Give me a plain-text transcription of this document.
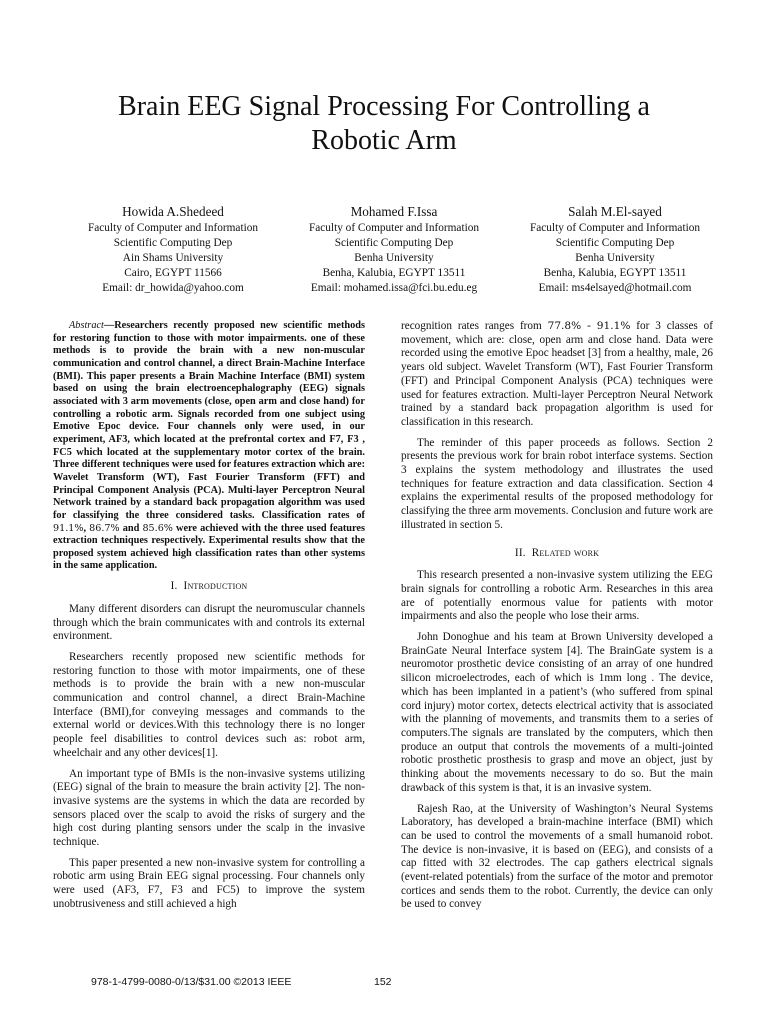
Brain EEG Signal Processing For Controlling a
Robotic Arm
Howida A.Shedeed
Faculty of Computer and Information
Scientific Computing Dep
Ain Shams University
Cairo, EGYPT 11566
Email: dr_howida@yahoo.com
Mohamed F.Issa
Faculty of Computer and Information
Scientific Computing Dep
Benha University
Benha, Kalubia, EGYPT 13511
Email: mohamed.issa@fci.bu.edu.eg
Salah M.El-sayed
Faculty of Computer and Information
Scientific Computing Dep
Benha University
Benha, Kalubia, EGYPT 13511
Email: ms4elsayed@hotmail.com

Abstract—Researchers recently proposed new scientific methods for restoring function to those with motor impairments. one of these methods is to provide the brain with a new non-muscular communication and control channel, a direct Brain-Machine Interface (BMI). This paper presents a Brain Machine Interface (BMI) system based on using the brain electroencephalography (EEG) signals associated with 3 arm movements (close, open arm and close hand) for controlling a robotic arm. Signals recorded from one subject using Emotive Epoc device. Four channels only were used, in our experiment, AF3, which located at the prefrontal cortex and F7, F3 , FC5 which located at the supplementary motor cortex of the brain. Three different techniques were used for features extraction which are: Wavelet Transform (WT), Fast Fourier Transform (FFT) and Principal Component Analysis (PCA). Multi-layer Perceptron Neural Network trained by a standard back propagation algorithm was used for classifying the three considered tasks. Classification rates of 91.1%, 86.7% and 85.6% were achieved with the three used features extraction techniques respectively. Experimental results show that the proposed system achieved high classification rates than other systems in the same application.

I. Introduction

Many different disorders can disrupt the neuromuscular channels through which the brain communicates with and controls its external environment.

Researchers recently proposed new scientific methods for restoring function to those with motor impairments, one of these methods is to provide the brain with a new non-muscular communication and control channel, a direct Brain-Machine Interface (BMI),for conveying messages and commands to the external world or devices.With this technology there is no longer people feel disabilities to control devices such as: robot arm, wheelchair and any other devices[1].

An important type of BMIs is the non-invasive systems utilizing (EEG) signal of the brain to measure the brain activity [2]. The non-invasive systems are the systems in which the data are recorded by sensors placed over the scalp to avoid the risks of surgery and the high cost during planting sensors under the scalp in the invasive technique.

This paper presented a new non-invasive system for controlling a robotic arm using Brain EEG signal processing. Four channels only were used (AF3, F7, F3 and FC5) to improve the system unobtrusiveness and still achieved a high

recognition rates ranges from 77.8% - 91.1% for 3 classes of movement, which are: close, open arm and close hand. Data were recorded using the emotive Epoc headset [3] from a healthy, male, 26 years old subject. Wavelet Transform (WT), Fast Fourier Transform (FFT) and Principal Component Analysis (PCA) techniques were used for features extraction. Multi-layer Perceptron Neural Network trained by a standard back propagation algorithm is used for classification in this research.

The reminder of this paper proceeds as follows. Section 2 presents the previous work for brain robot interface systems. Section 3 explains the system methodology and illustrates the used techniques for feature extraction and data classification. Section 4 explains the experimental results of the proposed methodology for classifying the three arm movements. Conclusion and future work are illustrated in section 5.

II. Related work

This research presented a non-invasive system utilizing the EEG brain signals for controlling a robotic Arm. Researches in this area are of potentially enormous value for patients with motor impairments and also the people who lose their arms.

John Donoghue and his team at Brown University developed a BrainGate Neural Interface system [4]. The BrainGate system is a neuromotor prosthetic device consisting of an array of one hundred silicon microelectrodes, each of which is 1mm long . The device, which has been implanted in a patient’s (who suffered from spinal cord injury) motor cortex, detects electrical activity that is associated with the planning of movements, and transmits them to a series of computers.The signals are translated by the computers, which then produce an output that controls the movements of a multi-jointed robotic prosthetic prosthesis to grasp and move an object, just by thinking about the movements necessary to do so. But the main drawback of this system is that, it is an invasive system.

Rajesh Rao, at the University of Washington’s Neural Systems Laboratory, has developed a brain-machine interface (BMI) which can be used to control the movements of a small humanoid robot. The device is non-invasive, it is based on (EEG), and consists of a cap fitted with 32 electrodes. The cap gathers electrical signals (event-related potentials) from the surface of the motor and premotor cortices and sends them to the robot. Currently, the device can only be used to convey

978-1-4799-0080-0/13/$31.00 ©2013 IEEE	152
